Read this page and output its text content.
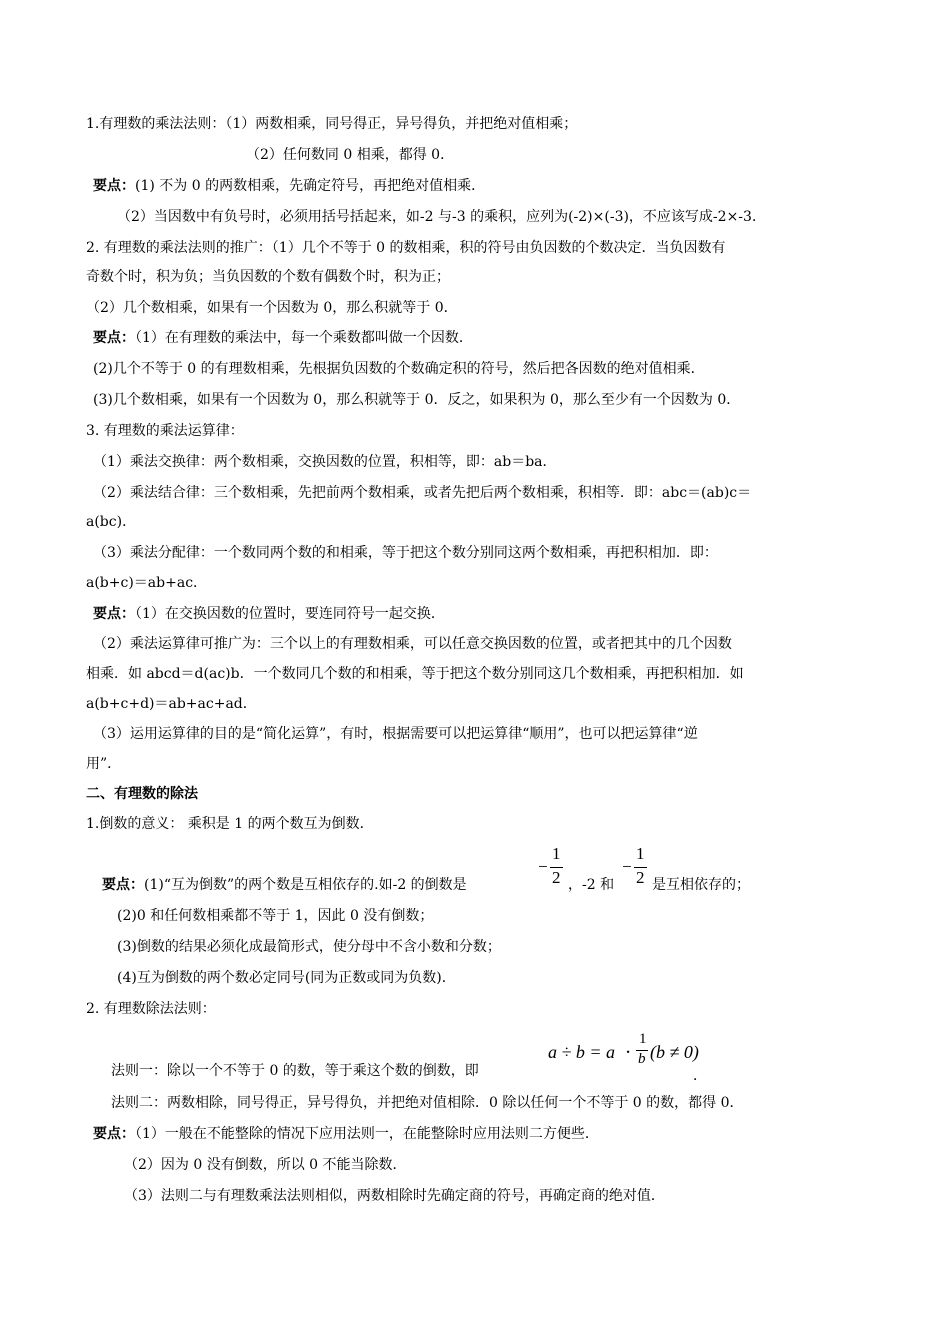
1.有理数的乘法法则：（1）两数相乘，同号得正，异号得负，并把绝对值相乘；
（2）任何数同 0 相乘，都得 0．
要点：(1) 不为 0 的两数相乘，先确定符号，再把绝对值相乘．
（2）当因数中有负号时，必须用括号括起来，如-2 与-3 的乘积，应列为(-2)×(-3)，不应该写成-2×-3．
2. 有理数的乘法法则的推广：（1）几个不等于 0 的数相乘，积的符号由负因数的个数决定．当负因数有
奇数个时，积为负；当负因数的个数有偶数个时，积为正；
（2）几个数相乘，如果有一个因数为 0，那么积就等于 0．
要点：（1）在有理数的乘法中，每一个乘数都叫做一个因数．
(2)几个不等于 0 的有理数相乘，先根据负因数的个数确定积的符号，然后把各因数的绝对值相乘．
(3)几个数相乘，如果有一个因数为 0，那么积就等于 0．反之，如果积为 0，那么至少有一个因数为 0．
3. 有理数的乘法运算律：
（1）乘法交换律：两个数相乘，交换因数的位置，积相等，即：ab＝ba．
（2）乘法结合律：三个数相乘，先把前两个数相乘，或者先把后两个数相乘，积相等．即：abc＝(ab)c＝
a(bc)．
（3）乘法分配律：一个数同两个数的和相乘，等于把这个数分别同这两个数相乘，再把积相加．即：
a(b+c)＝ab+ac．
要点：（1）在交换因数的位置时，要连同符号一起交换．
（2）乘法运算律可推广为：三个以上的有理数相乘，可以任意交换因数的位置，或者把其中的几个因数
相乘．如 abcd＝d(ac)b．一个数同几个数的和相乘，等于把这个数分别同这几个数相乘，再把积相加．如
a(b+c+d)＝ab+ac+ad．
（3）运用运算律的目的是“简化运算”，有时，根据需要可以把运算律“顺用”，也可以把运算律“逆
用”．
二、有理数的除法
1.倒数的意义： 乘积是 1 的两个数互为倒数．
要点：(1)“互为倒数”的两个数是互相依存的.如-2 的倒数是
−
1
2 ，-2 和
−
1
2 是互相依存的；
(2)0 和任何数相乘都不等于 1，因此 0 没有倒数；
(3)倒数的结果必须化成最简形式，使分母中不含小数和分数；
(4)互为倒数的两个数必定同号(同为正数或同为负数)．
2. 有理数除法法则：
法则一：除以一个不等于 0 的数，等于乘这个数的倒数，即
a ÷ b = a ⋅
1
b (b ≠ 0)
．
法则二：两数相除，同号得正，异号得负，并把绝对值相除．0 除以任何一个不等于 0 的数，都得 0．
要点：（1）一般在不能整除的情况下应用法则一，在能整除时应用法则二方便些．
（2）因为 0 没有倒数，所以 0 不能当除数．
（3）法则二与有理数乘法法则相似，两数相除时先确定商的符号，再确定商的绝对值．
